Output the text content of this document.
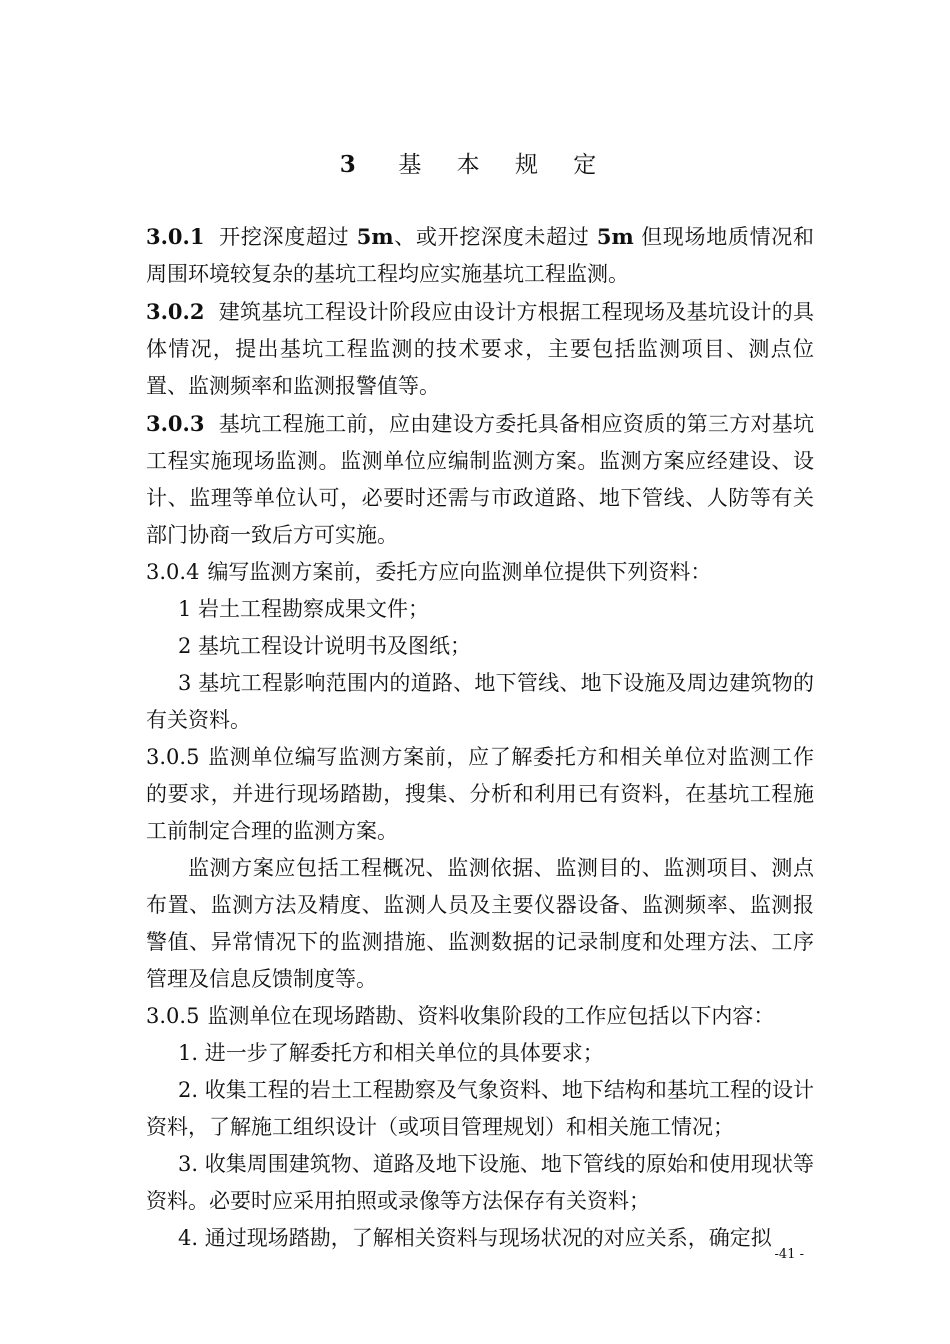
3 基 本 规 定

3.0.1 开挖深度超过 5m、或开挖深度未超过 5m 但现场地质情况和周围环境较复杂的基坑工程均应实施基坑工程监测。

3.0.2 建筑基坑工程设计阶段应由设计方根据工程现场及基坑设计的具体情况，提出基坑工程监测的技术要求，主要包括监测项目、测点位置、监测频率和监测报警值等。

3.0.3 基坑工程施工前，应由建设方委托具备相应资质的第三方对基坑工程实施现场监测。监测单位应编制监测方案。监测方案应经建设、设计、监理等单位认可，必要时还需与市政道路、地下管线、人防等有关部门协商一致后方可实施。

3.0.4 编写监测方案前，委托方应向监测单位提供下列资料：

1 岩土工程勘察成果文件；

2 基坑工程设计说明书及图纸；

3 基坑工程影响范围内的道路、地下管线、地下设施及周边建筑物的有关资料。

3.0.5 监测单位编写监测方案前，应了解委托方和相关单位对监测工作的要求，并进行现场踏勘，搜集、分析和利用已有资料，在基坑工程施工前制定合理的监测方案。

监测方案应包括工程概况、监测依据、监测目的、监测项目、测点布置、监测方法及精度、监测人员及主要仪器设备、监测频率、监测报警值、异常情况下的监测措施、监测数据的记录制度和处理方法、工序管理及信息反馈制度等。

3.0.5 监测单位在现场踏勘、资料收集阶段的工作应包括以下内容：

1. 进一步了解委托方和相关单位的具体要求；

2. 收集工程的岩土工程勘察及气象资料、地下结构和基坑工程的设计资料，了解施工组织设计（或项目管理规划）和相关施工情况；

3. 收集周围建筑物、道路及地下设施、地下管线的原始和使用现状等资料。必要时应采用拍照或录像等方法保存有关资料；

4. 通过现场踏勘，了解相关资料与现场状况的对应关系，确定拟

-41 -
